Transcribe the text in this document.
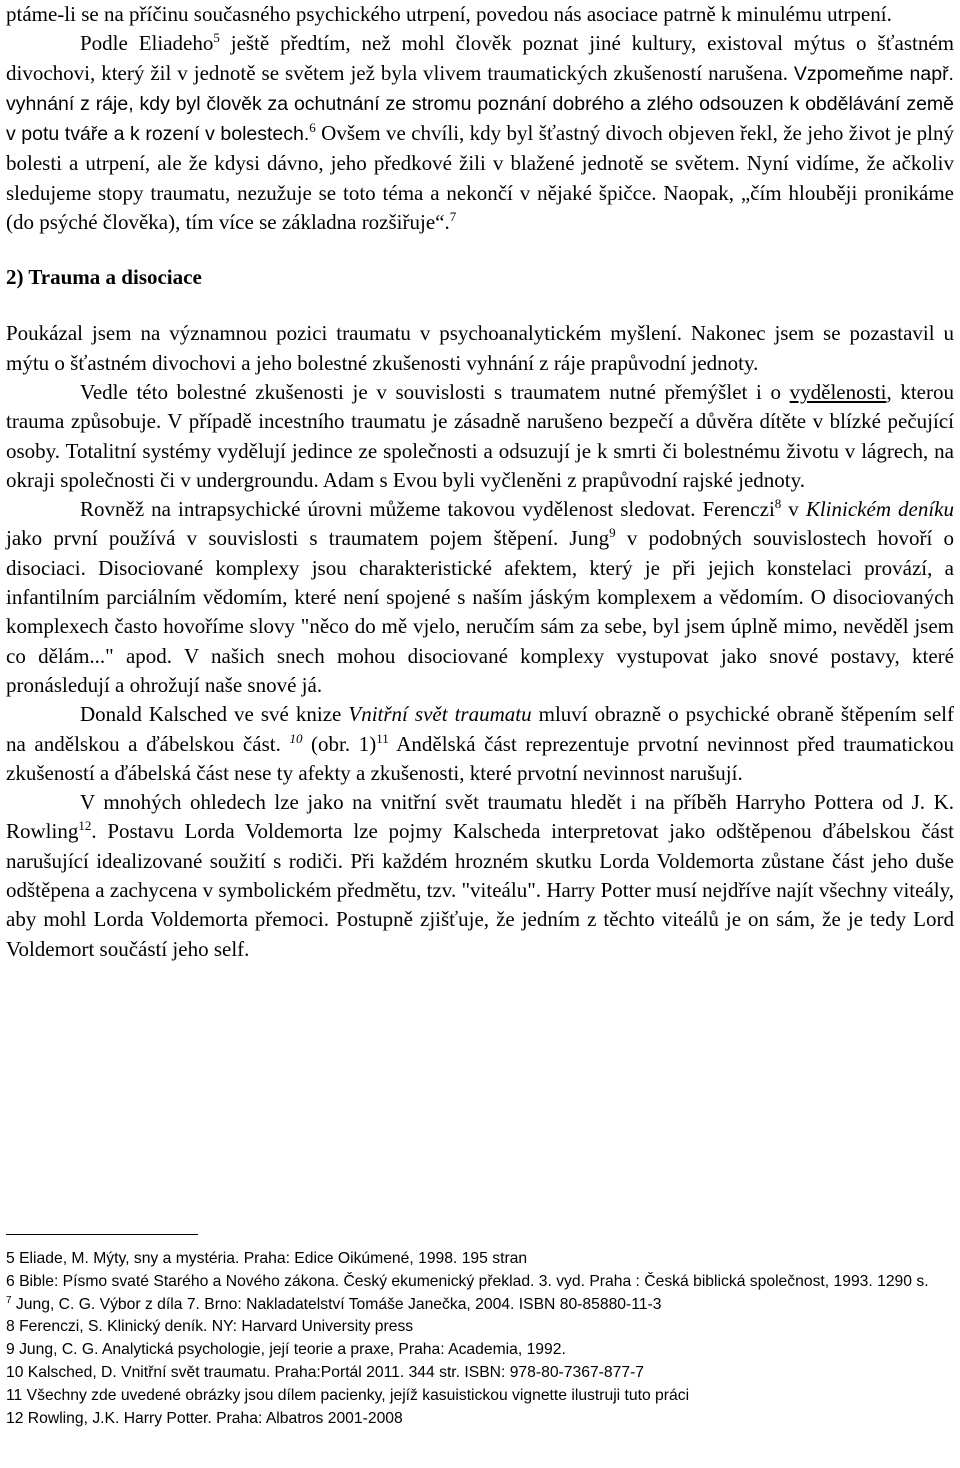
ptáme-li se na příčinu současného psychického utrpení, povedou nás asociace patrně k minulému utrpení.

Podle Eliadeho$^5$ ještě předtím, než mohl člověk poznat jiné kultury, existoval mýtus o šťastném divochovi, který žil v jednotě se světem jež byla vlivem traumatických zkušeností narušena. Vzpomeňme např. vyhnání z ráje, kdy byl člověk za ochutnání ze stromu poznání dobrého a zlého odsouzen k obdělávání země v potu tváře a k rození v bolestech.$^6$ Ovšem ve chvíli, kdy byl šťastný divoch objeven řekl, že jeho život je plný bolesti a utrpení, ale že kdysi dávno, jeho předkové žili v blažené jednotě se světem. Nyní vidíme, že ačkoliv sledujeme stopy traumatu, nezužuje se toto téma a nekončí v nějaké špičce. Naopak, „čím hlouběji pronikáme (do psýché člověka), tím více se základna rozšiřuje“.$^7$

2) Trauma a disociace

Poukázal jsem na významnou pozici traumatu v psychoanalytickém myšlení. Nakonec jsem se pozastavil u mýtu o šťastném divochovi a jeho bolestné zkušenosti vyhnání z ráje prapůvodní jednoty.

Vedle této bolestné zkušenosti je v souvislosti s traumatem nutné přemýšlet i o vydělenosti, kterou trauma způsobuje. V případě incestního traumatu je zásadně narušeno bezpečí a důvěra dítěte v blízké pečující osoby. Totalitní systémy vydělují jedince ze společnosti a odsuzují je k smrti či bolestnému životu v lágrech, na okraji společnosti či v undergroundu. Adam s Evou byli vyčleněni z prapůvodní rajské jednoty.

Rovněž na intrapsychické úrovni můžeme takovou vydělenost sledovat. Ferenczi$^8$ v Klinickém deníku jako první používá v souvislosti s traumatem pojem štěpení. Jung$^9$ v podobných souvislostech hovoří o disociaci. Disociované komplexy jsou charakteristické afektem, který je při jejich konstelaci provází, a infantilním parciálním vědomím, které není spojené s naším jáským komplexem a vědomím. O disociovaných komplexech často hovoříme slovy "něco do mě vjelo, neručím sám za sebe, byl jsem úplně mimo, nevěděl jsem co dělám..." apod. V našich snech mohou disociované komplexy vystupovat jako snové postavy, které pronásledují a ohrožují naše snové já.

Donald Kalsched ve své knize Vnitřní svět traumatu mluví obrazně o psychické obraně štěpením self na andělskou a ďábelskou část. $^{10}$ (obr. 1)$^{11}$ Andělská část reprezentuje prvotní nevinnost před traumatickou zkušeností a ďábelská část nese ty afekty a zkušenosti, které prvotní nevinnost narušují.

V mnohých ohledech lze jako na vnitřní svět traumatu hledět i na příběh Harryho Pottera od J. K. Rowling$^{12}$. Postavu Lorda Voldemorta lze pojmy Kalscheda interpretovat jako odštěpenou ďábelskou část narušující idealizované soužití s rodiči. Při každém hrozném skutku Lorda Voldemorta zůstane část jeho duše odštěpena a zachycena v symbolickém předmětu, tzv. "viteálu". Harry Potter musí nejdříve najít všechny viteály, aby mohl Lorda Voldemorta přemoci. Postupně zjišťuje, že jedním z těchto viteálů je on sám, že je tedy Lord Voldemort součástí jeho self.

5 Eliade, M. Mýty, sny a mystéria. Praha: Edice Oikúmené, 1998. 195 stran

6 Bible: Písmo svaté Starého a Nového zákona. Český ekumenický překlad. 3. vyd. Praha : Česká biblická společnost, 1993. 1290 s.

$^7$ Jung, C. G. Výbor z díla 7. Brno: Nakladatelství Tomáše Janečka, 2004. ISBN 80-85880-11-3

8 Ferenczi, S. Klinický deník. NY: Harvard University press

9 Jung, C. G. Analytická psychologie, její teorie a praxe, Praha: Academia, 1992.

10 Kalsched, D. Vnitřní svět traumatu. Praha:Portál 2011. 344 str. ISBN: 978-80-7367-877-7

11 Všechny zde uvedené obrázky jsou dílem pacienky, jejíž kasuistickou vignette ilustruji tuto práci

12 Rowling, J.K. Harry Potter. Praha: Albatros 2001-2008
